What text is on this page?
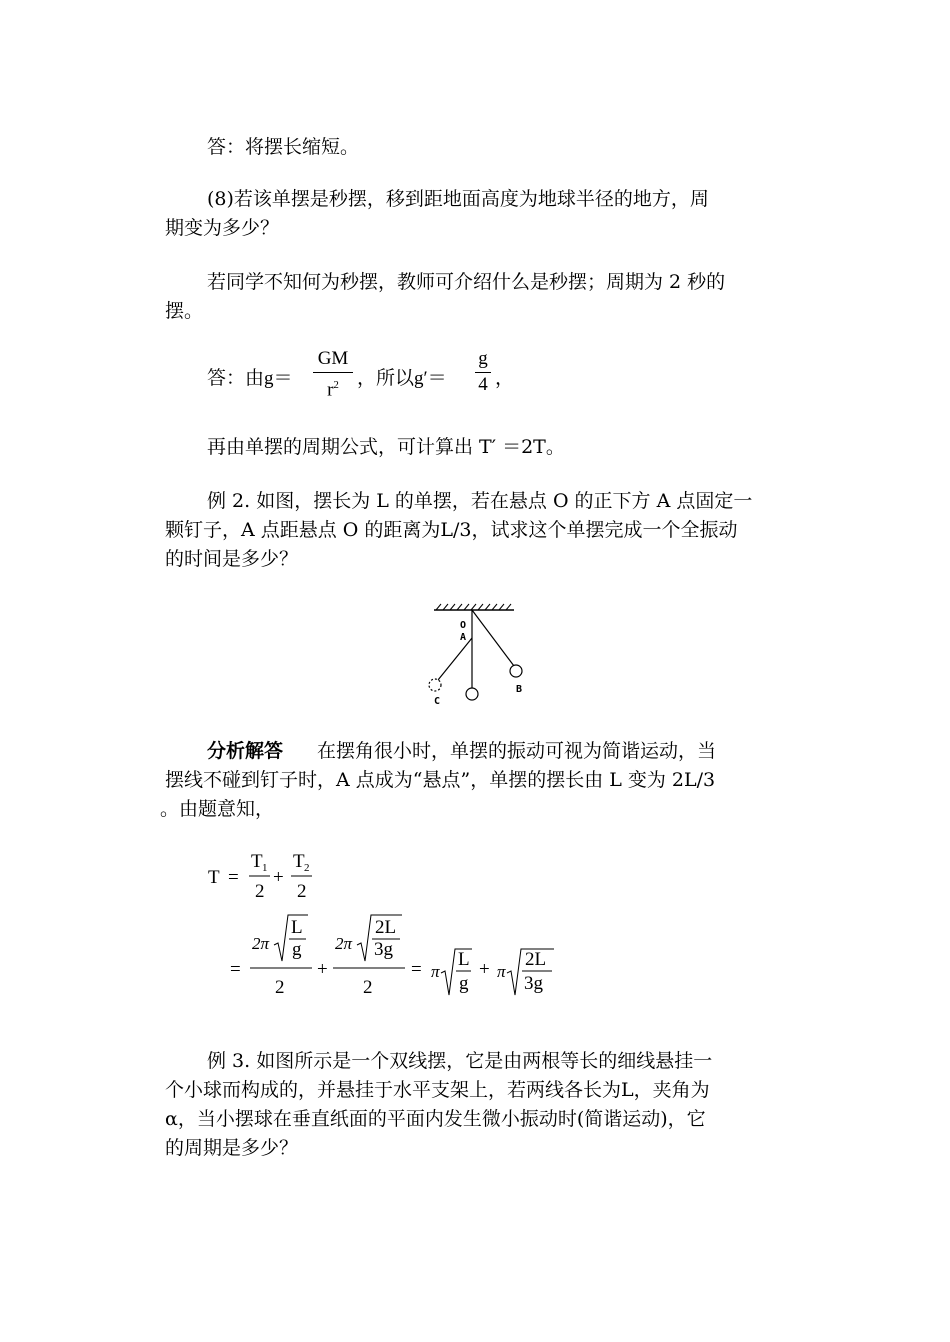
答：将摆长缩短。
(8)若该单摆是秒摆，移到距地面高度为地球半径的地方，周
期变为多少？
若同学不知何为秒摆，教师可介绍什么是秒摆；周期为 2 秒的
摆。
答：由g＝
GM
$r^2$ ，所以g′＝
g
4 ，
再由单摆的周期公式，可计算出 T′ ＝2T。
例 2. 如图，摆长为 L 的单摆，若在悬点 O 的正下方 A 点固定一
颗钉子，A 点距悬点 O 的距离为L/3，试求这个单摆完成一个全振动
的时间是多少？
O
A
B
C
分析解答 在摆角很小时，单摆的振动可视为简谐运动，当
摆线不碰到钉子时，A 点成为“悬点”，单摆的摆长由 L 变为 2L/3
。由题意知，
T =
T 1
2
+
T 2
2
=
2π
L
g
2
+
2π
2L
3g
2
= π
L
g
+ π
2L
3g
例 3. 如图所示是一个双线摆，它是由两根等长的细线悬挂一
个小球而构成的，并悬挂于水平支架上，若两线各长为L，夹角为
α，当小摆球在垂直纸面的平面内发生微小振动时(简谐运动)，它
的周期是多少？
